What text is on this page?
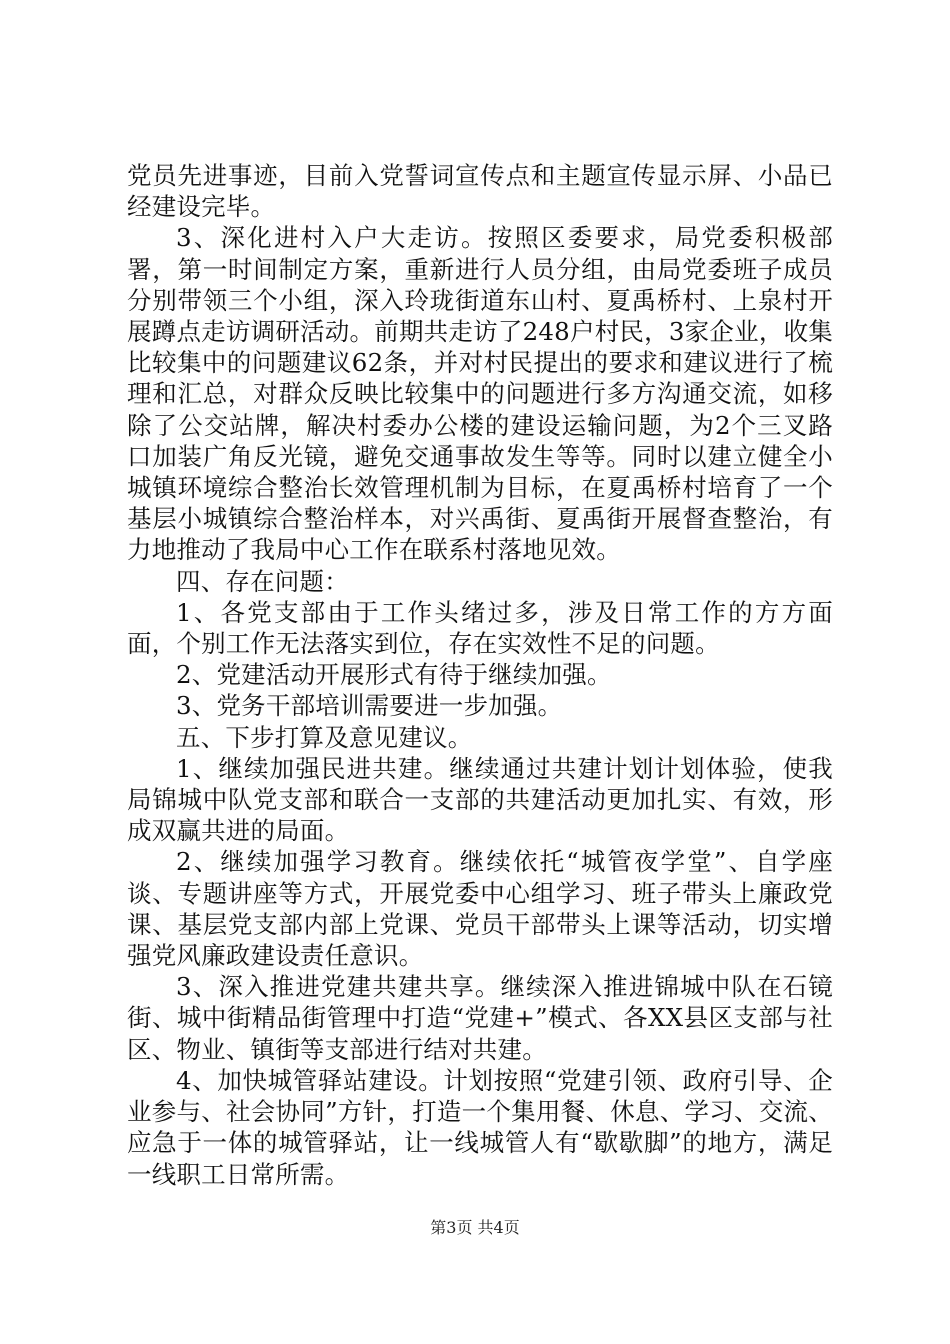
党员先进事迹，目前入党誓词宣传点和主题宣传显示屏、小品已经建设完毕。

3、深化进村入户大走访。按照区委要求，局党委积极部署，第一时间制定方案，重新进行人员分组，由局党委班子成员分别带领三个小组，深入玲珑街道东山村、夏禹桥村、上泉村开展蹲点走访调研活动。前期共走访了248户村民，3家企业，收集比较集中的问题建议62条，并对村民提出的要求和建议进行了梳理和汇总，对群众反映比较集中的问题进行多方沟通交流，如移除了公交站牌，解决村委办公楼的建设运输问题，为2个三叉路口加装广角反光镜，避免交通事故发生等等。同时以建立健全小城镇环境综合整治长效管理机制为目标，在夏禹桥村培育了一个基层小城镇综合整治样本，对兴禹街、夏禹街开展督查整治，有力地推动了我局中心工作在联系村落地见效。

四、存在问题：

1、各党支部由于工作头绪过多，涉及日常工作的方方面面，个别工作无法落实到位，存在实效性不足的问题。

2、党建活动开展形式有待于继续加强。

3、党务干部培训需要进一步加强。

五、下步打算及意见建议。

1、继续加强民进共建。继续通过共建计划计划体验，使我局锦城中队党支部和联合一支部的共建活动更加扎实、有效，形成双赢共进的局面。

2、继续加强学习教育。继续依托“城管夜学堂”、自学座谈、专题讲座等方式，开展党委中心组学习、班子带头上廉政党课、基层党支部内部上党课、党员干部带头上课等活动，切实增强党风廉政建设责任意识。

3、深入推进党建共建共享。继续深入推进锦城中队在石镜街、城中街精品街管理中打造“党建+”模式、各XX县区支部与社区、物业、镇街等支部进行结对共建。

4、加快城管驿站建设。计划按照“党建引领、政府引导、企业参与、社会协同”方针，打造一个集用餐、休息、学习、交流、应急于一体的城管驿站，让一线城管人有“歇歇脚”的地方，满足一线职工日常所需。

第3页 共4页
